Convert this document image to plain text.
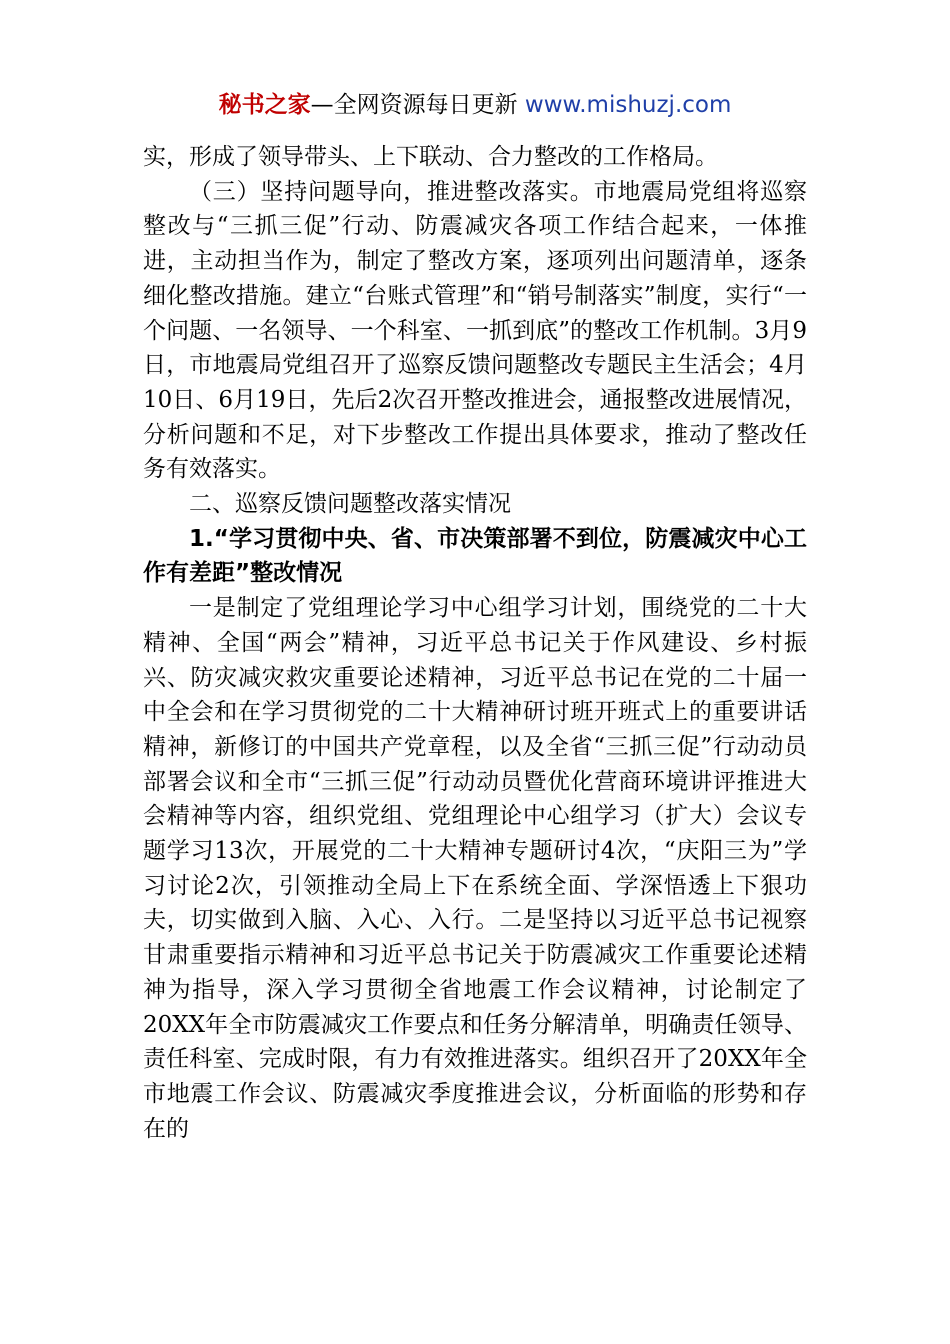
秘书之家—全网资源每日更新 www.mishuzj.com

实，形成了领导带头、上下联动、合力整改的工作格局。

（三）坚持问题导向，推进整改落实。市地震局党组将巡察整改与“三抓三促”行动、防震减灾各项工作结合起来，一体推进，主动担当作为，制定了整改方案，逐项列出问题清单，逐条细化整改措施。建立“台账式管理”和“销号制落实”制度，实行“一个问题、一名领导、一个科室、一抓到底”的整改工作机制。3月9日，市地震局党组召开了巡察反馈问题整改专题民主生活会；4月10日、6月19日，先后2次召开整改推进会，通报整改进展情况，分析问题和不足，对下步整改工作提出具体要求，推动了整改任务有效落实。

二、巡察反馈问题整改落实情况

1.“学习贯彻中央、省、市决策部署不到位，防震减灾中心工作有差距”整改情况

一是制定了党组理论学习中心组学习计划，围绕党的二十大精神、全国“两会”精神，习近平总书记关于作风建设、乡村振兴、防灾减灾救灾重要论述精神，习近平总书记在党的二十届一中全会和在学习贯彻党的二十大精神研讨班开班式上的重要讲话精神，新修订的中国共产党章程，以及全省“三抓三促”行动动员部署会议和全市“三抓三促”行动动员暨优化营商环境讲评推进大会精神等内容，组织党组、党组理论中心组学习（扩大）会议专题学习13次，开展党的二十大精神专题研讨4次，“庆阳三为”学习讨论2次，引领推动全局上下在系统全面、学深悟透上下狠功夫，切实做到入脑、入心、入行。二是坚持以习近平总书记视察甘肃重要指示精神和习近平总书记关于防震减灾工作重要论述精神为指导，深入学习贯彻全省地震工作会议精神，讨论制定了20XX年全市防震减灾工作要点和任务分解清单，明确责任领导、责任科室、完成时限，有力有效推进落实。组织召开了20XX年全市地震工作会议、防震减灾季度推进会议，分析面临的形势和存在的
